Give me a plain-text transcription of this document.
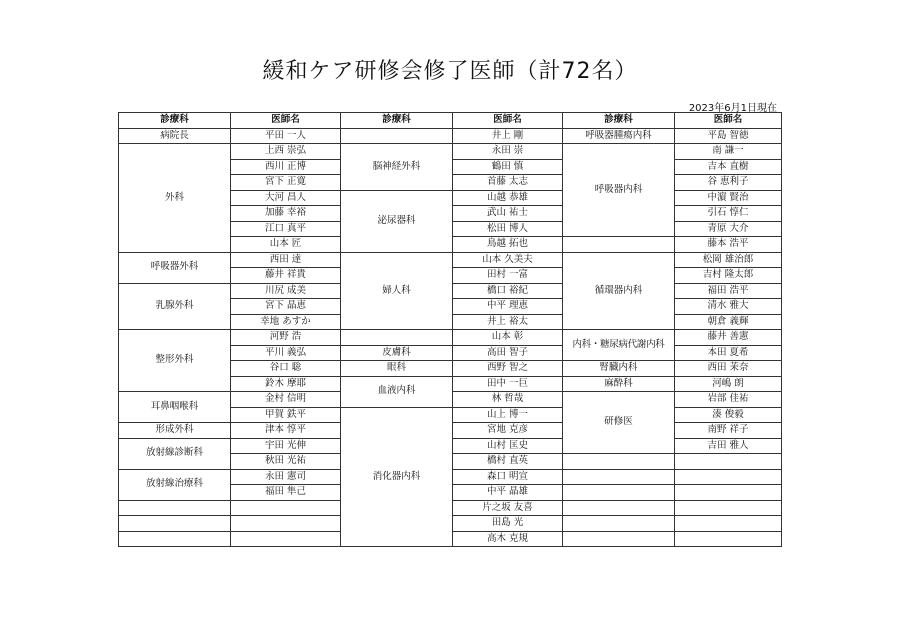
緩和ケア研修会修了医師（計72名）
2023年6月1日現在
診療科	医師名	診療科	医師名	診療科	医師名
病院長	平田 一人		井上 剛	呼吸器腫瘍内科	平島 智徳
外科	上西 崇弘	脳神経外科	永田 崇	呼吸器内科	南 謙一
	西川 正博		鶴田 慎		吉本 直樹
	宮下 正寛		首藤 太志		谷 恵利子
	大河 昌人	泌尿器科	山越 恭雄		中濵 賢治
	加藤 幸裕		武山 祐士		引石 惇仁
	江口 真平		松田 博人		青原 大介
	山本 匠		鳥越 拓也		藤本 浩平
呼吸器外科	西田 達	婦人科	山本 久美夫	循環器内科	松岡 雄治郎
	藤井 祥貴		田村 一富		吉村 隆太郎
乳腺外科	川尻 成美		橋口 裕紀		福田 浩平
	宮下 晶恵		中平 理恵		清水 雅大
	幸地 あすか		井上 裕太		朝倉 義輝
整形外科	河野 浩		山本 彰	内科・糖尿病代謝内科	藤井 善憲
	平川 義弘	皮膚科	高田 智子		本田 夏希
	谷口 聡	眼科	西野 智之	腎臓内科	西田 茉奈
	鈴木 摩耶	血液内科	田中 一巨	麻酔科	河嶋 朗
耳鼻咽喉科	金村 信明		林 哲哉	研修医	岩部 佳祐
	甲賀 鉄平	消化器内科	山上 博一		湊 俊毅
形成外科	津本 惇平		宮地 克彦		南野 祥子
放射線診断科	宇田 光伸		山村 匡史		吉田 雅人
	秋田 光祐		橋村 直英		
放射線治療科	永田 憲司		森口 明宣		
	福田 隼己		中平 晶雄		
			片之坂 友喜		
			田島 光		
			高木 克規		
